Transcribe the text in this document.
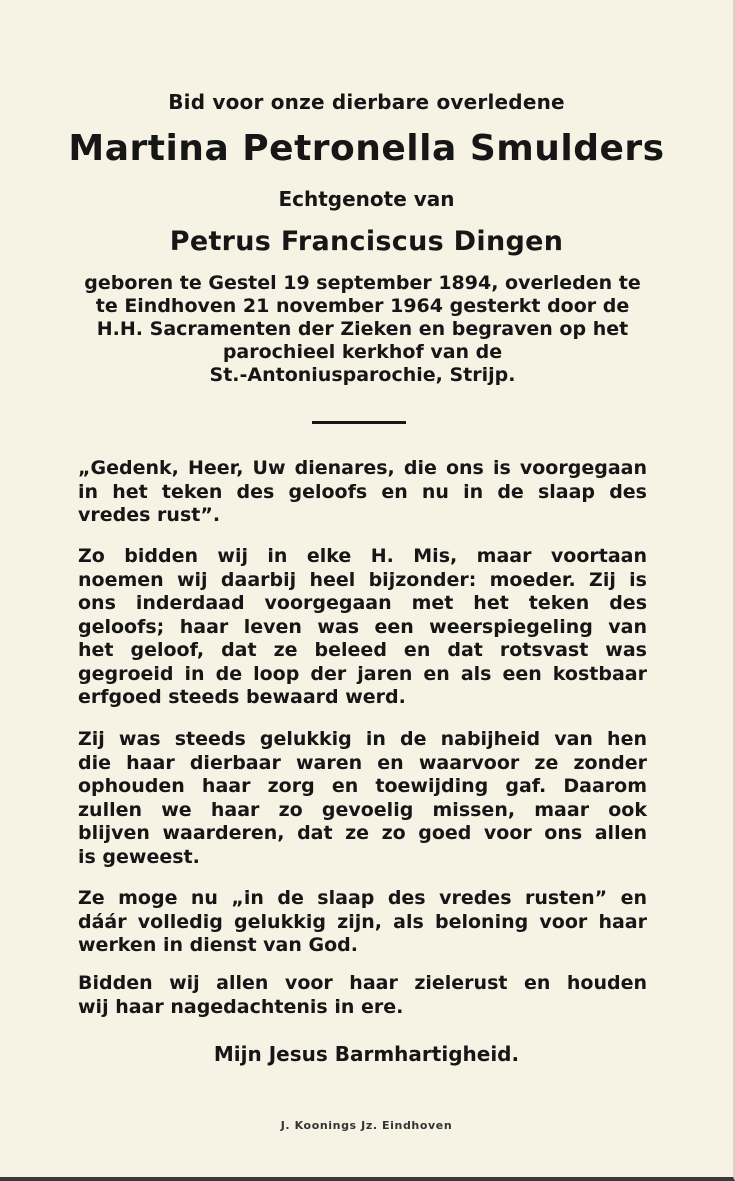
Bid voor onze dierbare overledene
Martina Petronella Smulders
Echtgenote van
Petrus Franciscus Dingen
geboren te Gestel 19 september 1894, overleden te
te Eindhoven 21 november 1964 gesterkt door de
H.H. Sacramenten der Zieken en begraven op het
parochieel kerkhof van de
St.-Antoniusparochie, Strijp.
„Gedenk, Heer, Uw dienares, die ons is voorgegaan
in het teken des geloofs en nu in de slaap des
vredes rust”.
Zo bidden wij in elke H. Mis, maar voortaan
noemen wij daarbij heel bijzonder: moeder. Zij is
ons inderdaad voorgegaan met het teken des
geloofs; haar leven was een weerspiegeling van
het geloof, dat ze beleed en dat rotsvast was
gegroeid in de loop der jaren en als een kostbaar
erfgoed steeds bewaard werd.
Zij was steeds gelukkig in de nabijheid van hen
die haar dierbaar waren en waarvoor ze zonder
ophouden haar zorg en toewijding gaf. Daarom
zullen we haar zo gevoelig missen, maar ook
blijven waarderen, dat ze zo goed voor ons allen
is geweest.
Ze moge nu „in de slaap des vredes rusten” en
dáár volledig gelukkig zijn, als beloning voor haar
werken in dienst van God.
Bidden wij allen voor haar zielerust en houden
wij haar nagedachtenis in ere.
Mijn Jesus Barmhartigheid.
J. Koonings Jz. Eindhoven
